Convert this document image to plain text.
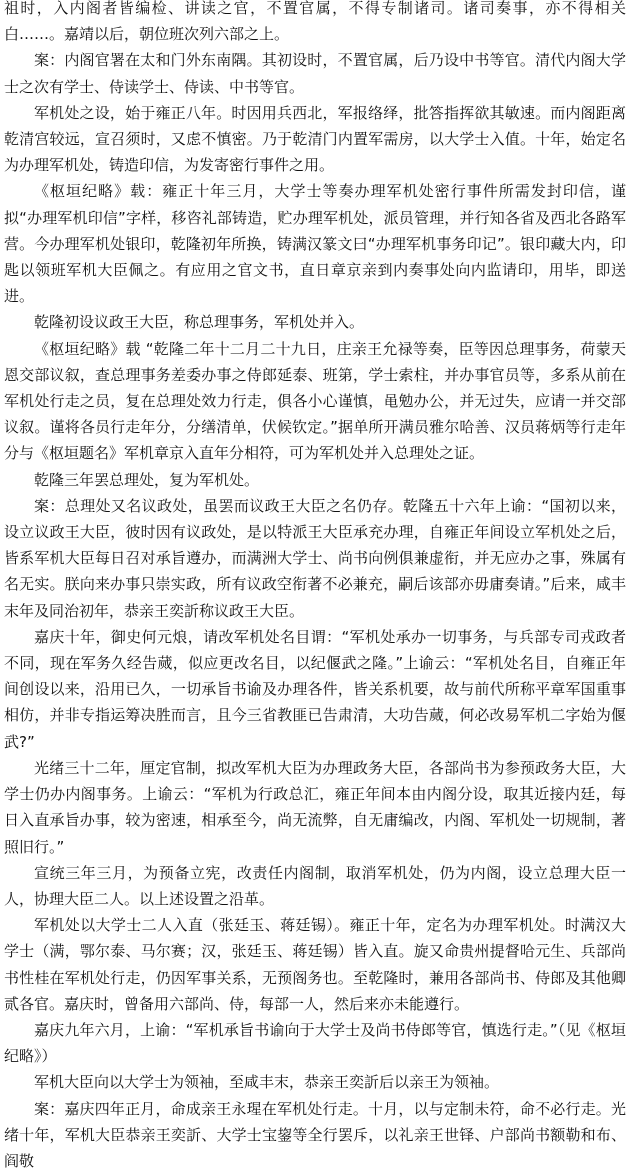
祖时，入内阁者皆编检、讲读之官，不置官属，不得专制诸司。诸司奏事，亦不得相关白……。嘉靖以后，朝位班次列六部之上。

案：内阁官署在太和门外东南隅。其初设时，不置官属，后乃设中书等官。清代内阁大学士之次有学士、侍读学士、侍读、中书等官。

军机处之设，始于雍正八年。时因用兵西北，军报络绎，批答指挥欲其敏速。而内阁距离乾清宫较远，宣召须时，又虑不慎密。乃于乾清门内置军需房，以大学士入值。十年，始定名为办理军机处，铸造印信，为发寄密行事件之用。

《枢垣纪略》载：雍正十年三月，大学士等奏办理军机处密行事件所需发封印信，谨拟“办理军机印信”字样，移咨礼部铸造，贮办理军机处，派员管理，并行知各省及西北各路军营。今办理军机处银印，乾隆初年所换，铸满汉篆文曰“办理军机事务印记”。银印藏大内，印匙以领班军机大臣佩之。有应用之官文书，直日章京亲到内奏事处向内监请印，用毕，即送进。

乾隆初设议政王大臣，称总理事务，军机处并入。

《枢垣纪略》载 “乾隆二年十二月二十九日，庄亲王允禄等奏，臣等因总理事务，荷蒙天恩交部议叙，查总理事务差委办事之侍郎延泰、班第，学士索柱，并办事官员等，多系从前在军机处行走之员，复在总理处效力行走，俱各小心谨慎，黾勉办公，并无过失，应请一并交部议叙。谨将各员行走年分，分缮清单，伏候钦定。”据单所开满员雅尔哈善、汉员蒋炳等行走年分与《枢垣题名》军机章京入直年分相符，可为军机处并入总理处之证。

乾隆三年罢总理处，复为军机处。

案：总理处又名议政处，虽罢而议政王大臣之名仍存。乾隆五十六年上谕：“国初以来，设立议政王大臣，彼时因有议政处，是以特派王大臣承充办理，自雍正年间设立军机处之后，皆系军机大臣每日召对承旨遵办，而满洲大学士、尚书向例俱兼虚衔，并无应办之事，殊属有名无实。朕向来办事只崇实政，所有议政空衔著不必兼充，嗣后该部亦毋庸奏请。”后来，咸丰末年及同治初年，恭亲王奕訢称议政王大臣。

嘉庆十年，御史何元烺，请改军机处名目谓：“军机处承办一切事务，与兵部专司戎政者不同，现在军务久经告蒇，似应更改名目，以纪偃武之隆。”上谕云：“军机处名目，自雍正年间创设以来，沿用已久，一切承旨书谕及办理各件，皆关系机要，故与前代所称平章军国重事相仿，并非专指运筹决胜而言，且今三省教匪已告肃清，大功告蒇，何必改易军机二字始为偃武?”

光绪三十二年，厘定官制，拟改军机大臣为办理政务大臣，各部尚书为参预政务大臣，大学士仍办内阁事务。上谕云：“军机为行政总汇，雍正年间本由内阁分设，取其近接内廷，每日入直承旨办事，较为密速，相承至今，尚无流弊，自无庸编改，内阁、军机处一切规制，著照旧行。”

宣统三年三月，为预备立宪，改责任内阁制，取消军机处，仍为内阁，设立总理大臣一人，协理大臣二人。以上述设置之沿革。

军机处以大学士二人入直（张廷玉、蒋廷锡）。雍正十年，定名为办理军机处。时满汉大学士（满，鄂尔泰、马尔赛；汉，张廷玉、蒋廷锡）皆入直。旋又命贵州提督哈元生、兵部尚书性桂在军机处行走，仍因军事关系，无预阁务也。至乾隆时，兼用各部尚书、侍郎及其他卿贰各官。嘉庆时，曾备用六部尚、侍，每部一人，然后来亦未能遵行。

嘉庆九年六月，上谕：“军机承旨书谕向于大学士及尚书侍郎等官，慎选行走。”（见《枢垣纪略》）

军机大臣向以大学士为领袖，至咸丰末，恭亲王奕訢后以亲王为领袖。

案：嘉庆四年正月，命成亲王永瑆在军机处行走。十月，以与定制未符，命不必行走。光绪十年，军机大臣恭亲王奕訢、大学士宝鋆等全行罢斥，以礼亲王世铎、户部尚书额勒和布、阎敬
